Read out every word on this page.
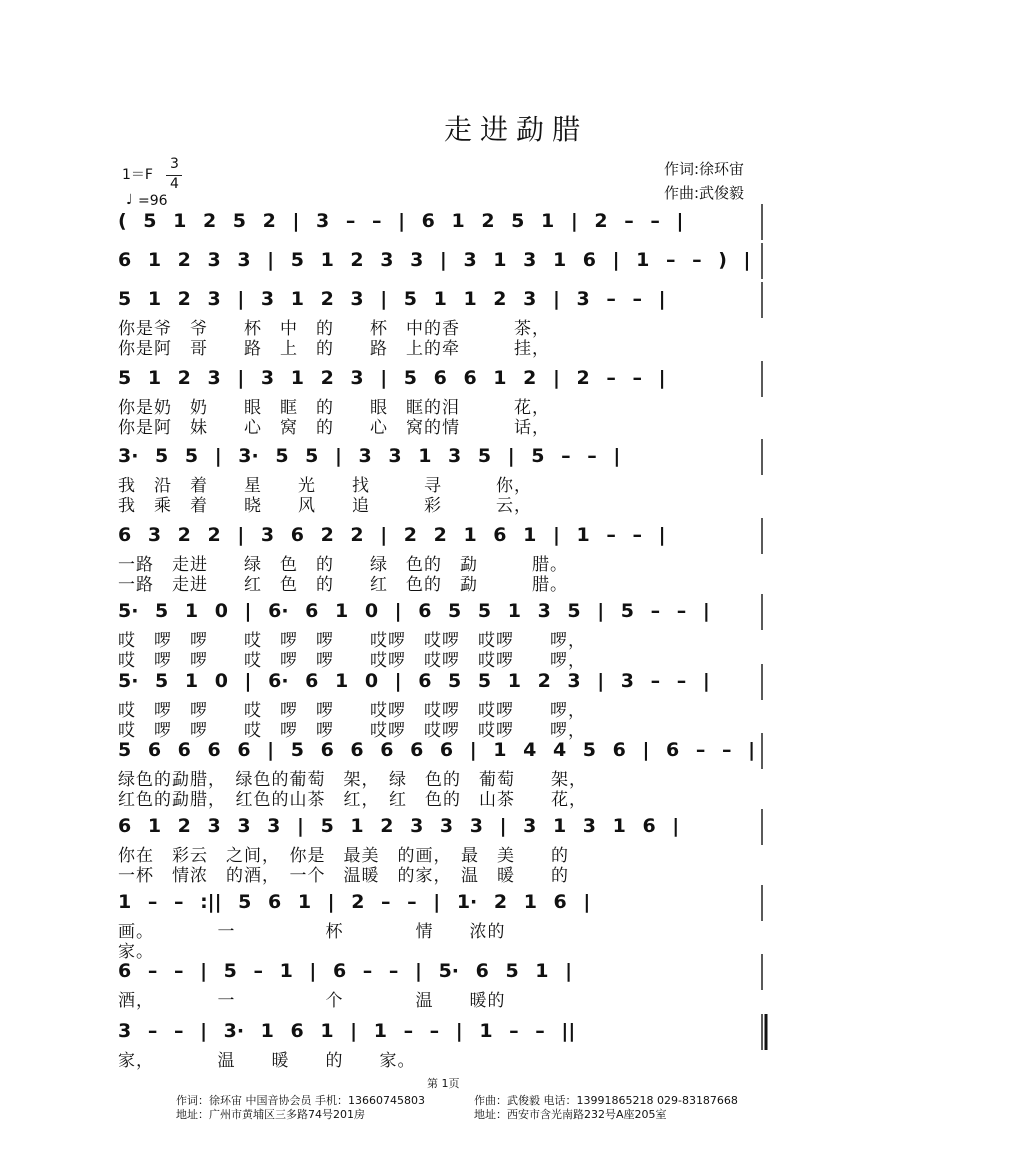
走进勐腊
1＝F
3
4
♩ =96
作词:徐环宙
作曲:武俊毅
( 5 1 2 5 2 | 3 – – | 6 1 2 5 1 | 2 – – |
6 1 2 3 3 | 5 1 2 3 3 | 3 1 3 1 6 | 1 – – ) |
5 1 2 3 | 3 1 2 3 | 5 1 1 2 3 | 3 – – |
你是爷　爷　　杯　中　的　　杯　中的香　　　茶，
你是阿　哥　　路　上　的　　路　上的牵　　　挂，
5 1 2 3 | 3 1 2 3 | 5 6 6 1 2 | 2 – – |
你是奶　奶　　眼　眶　的　　眼　眶的泪　　　花，
你是阿　妹　　心　窝　的　　心　窝的情　　　话，
3· 5 5 | 3· 5 5 | 3 3 1 3 5 | 5 – – |
我　沿　着　　星　　光　　找　　　寻　　　你，
我　乘　着　　晓　　风　　追　　　彩　　　云，
6 3 2 2 | 3 6 2 2 | 2 2 1 6 1 | 1 – – |
一路　走进　　绿　色　的　　绿　色的　勐　　　腊。
一路　走进　　红　色　的　　红　色的　勐　　　腊。
5· 5 1 0 | 6· 6 1 0 | 6 5 5 1 3 5 | 5 – – |
哎　啰　啰　　哎　啰　啰　　哎啰　哎啰　哎啰　　啰，
哎　啰　啰　　哎　啰　啰　　哎啰　哎啰　哎啰　　啰，
5· 5 1 0 | 6· 6 1 0 | 6 5 5 1 2 3 | 3 – – |
哎　啰　啰　　哎　啰　啰　　哎啰　哎啰　哎啰　　啰，
哎　啰　啰　　哎　啰　啰　　哎啰　哎啰　哎啰　　啰，
5 6 6 6 6 | 5 6 6 6 6 6 | 1 4 4 5 6 | 6 – – |
绿色的勐腊，　绿色的葡萄　架，　绿　色的　葡萄　　架，
红色的勐腊，　红色的山茶　红，　红　色的　山茶　　花，
6 1 2 3 3 3 | 5 1 2 3 3 3 | 3 1 3 1 6 |
你在　彩云　之间，　你是　最美　的画，　最　美　　的
一杯　情浓　的酒，　一个　温暖　的家，　温　暖　　的
1 – – :|| 5 6 1 | 2 – – | 1· 2 1 6 |
画。　　　　一　　　　　杯　　　　情　　浓的
家。
6 – – | 5 – 1 | 6 – – | 5· 6 5 1 |
酒，　　　　一　　　　　个　　　　温　　暖的
3 – – | 3· 1 6 1 | 1 – – | 1 – – ||
家，　　　　温　　暖　　的　　家。
第 1页
作词：徐环宙 中国音协会员 手机：13660745803
地址：广州市黄埔区三多路74号201房
作曲：武俊毅 电话：13991865218 029-83187668
地址：西安市含光南路232号A座205室
